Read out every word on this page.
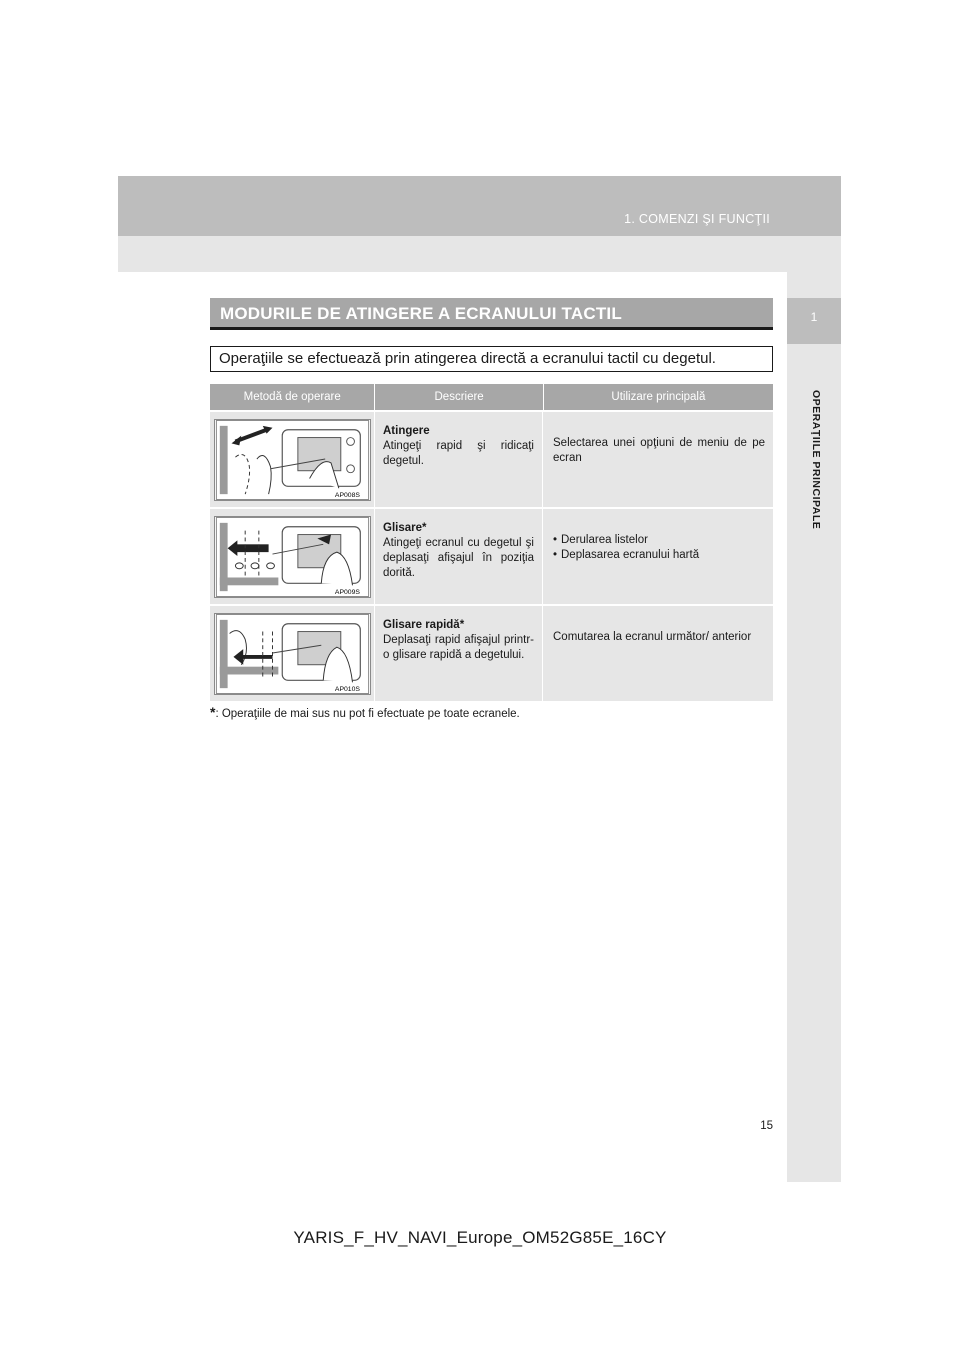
1. COMENZI ŞI FUNCŢII
1
OPERAŢIILE PRINCIPALE
MODURILE DE ATINGERE A ECRANULUI TACTIL
Operaţiile se efectuează prin atingerea directă a ecranului tactil cu degetul.
Metodă de operare	Descriere	Utilizare principală
AP008S
Atingere
Atingeţi rapid şi ridicaţi degetul.
Selectarea unei opţiuni de meniu de pe ecran
AP009S
Glisare*
Atingeţi ecranul cu degetul şi deplasaţi afişajul în poziţia dorită.
• Derularea listelor
• Deplasarea ecranului hartă
AP010S
Glisare rapidă*
Deplasaţi rapid afişajul printr-o glisare rapidă a degetului.
Comutarea la ecranul următor/ anterior
*: Operaţiile de mai sus nu pot fi efectuate pe toate ecranele.
15
YARIS_F_HV_NAVI_Europe_OM52G85E_16CY
